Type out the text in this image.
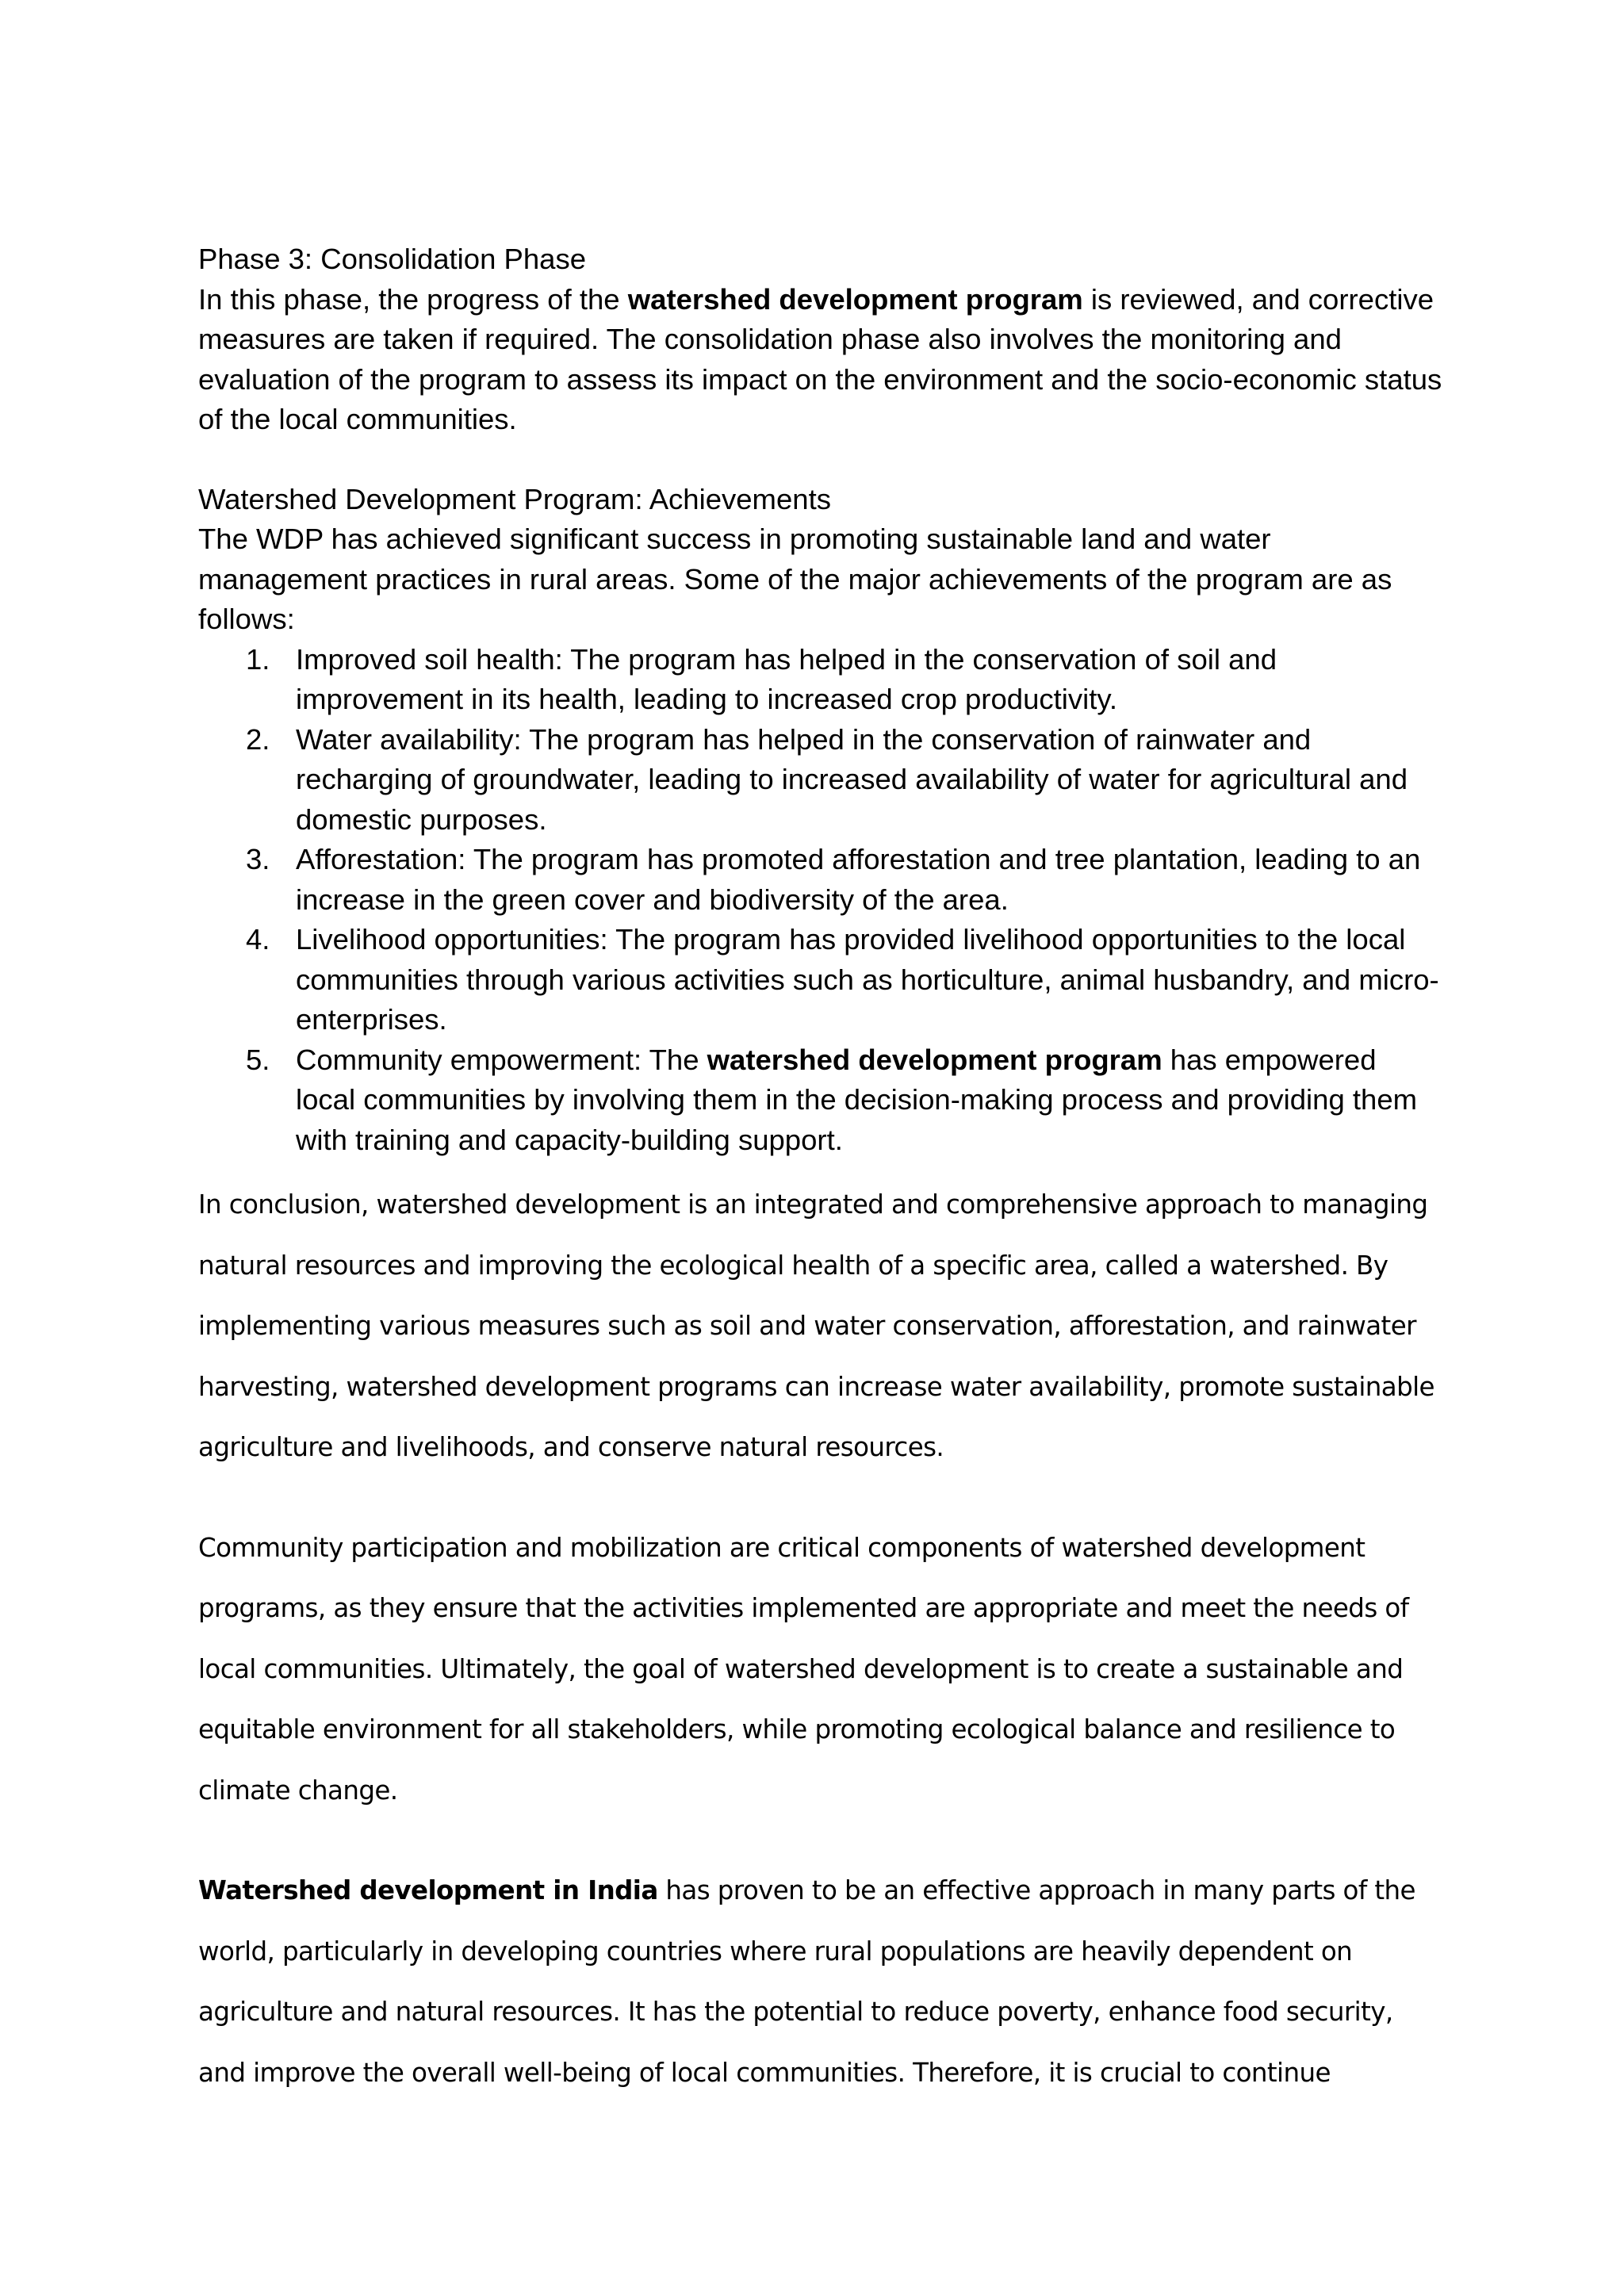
Phase 3: Consolidation Phase

In this phase, the progress of the watershed development program is reviewed, and corrective measures are taken if required. The consolidation phase also involves the monitoring and evaluation of the program to assess its impact on the environment and the socio-economic status of the local communities.

Watershed Development Program: Achievements

The WDP has achieved significant success in promoting sustainable land and water management practices in rural areas. Some of the major achievements of the program are as follows:

1. Improved soil health: The program has helped in the conservation of soil and improvement in its health, leading to increased crop productivity.
2. Water availability: The program has helped in the conservation of rainwater and recharging of groundwater, leading to increased availability of water for agricultural and domestic purposes.
3. Afforestation: The program has promoted afforestation and tree plantation, leading to an increase in the green cover and biodiversity of the area.
4. Livelihood opportunities: The program has provided livelihood opportunities to the local communities through various activities such as horticulture, animal husbandry, and micro-enterprises.
5. Community empowerment: The watershed development program has empowered local communities by involving them in the decision-making process and providing them with training and capacity-building support.

In conclusion, watershed development is an integrated and comprehensive approach to managing natural resources and improving the ecological health of a specific area, called a watershed. By implementing various measures such as soil and water conservation, afforestation, and rainwater harvesting, watershed development programs can increase water availability, promote sustainable agriculture and livelihoods, and conserve natural resources.

Community participation and mobilization are critical components of watershed development programs, as they ensure that the activities implemented are appropriate and meet the needs of local communities. Ultimately, the goal of watershed development is to create a sustainable and equitable environment for all stakeholders, while promoting ecological balance and resilience to climate change.

Watershed development in India has proven to be an effective approach in many parts of the world, particularly in developing countries where rural populations are heavily dependent on agriculture and natural resources. It has the potential to reduce poverty, enhance food security, and improve the overall well-being of local communities. Therefore, it is crucial to continue
